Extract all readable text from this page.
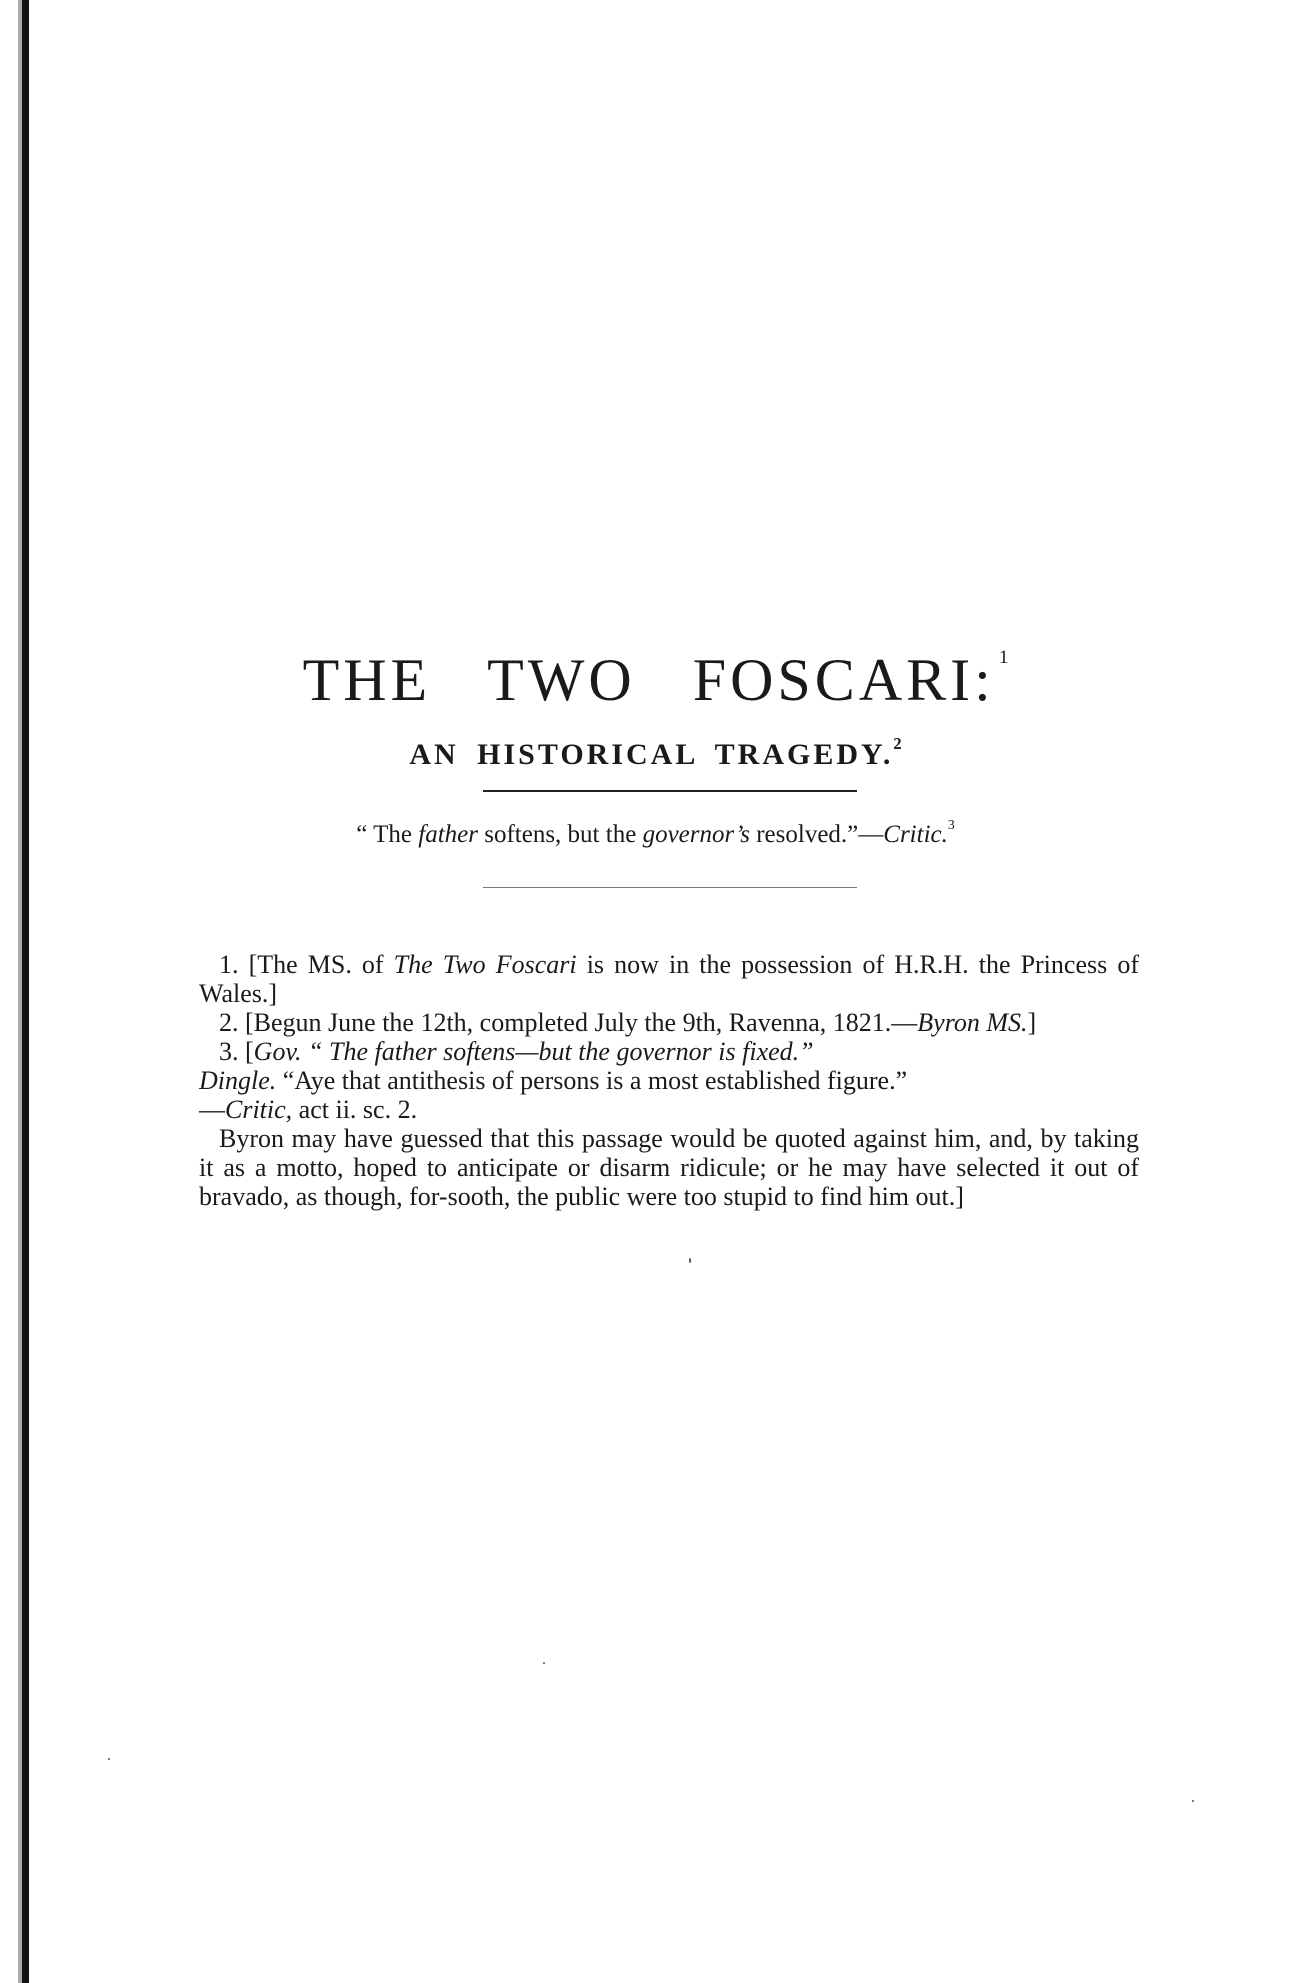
THE TWO FOSCARI: $^1$
AN HISTORICAL TRAGEDY.$^2$
“ The father softens, but the governor’s resolved.”—Critic.$^3$

1. [The MS. of The Two Foscari is now in the possession of H.R.H. the Princess of Wales.]

2. [Begun June the 12th, completed July the 9th, Ravenna, 1821.—Byron MS.]

3. [Gov. “ The father softens—but the governor is fixed.”
Dingle. “Aye that antithesis of persons is a most established figure.”
—Critic, act ii. sc. 2.

Byron may have guessed that this passage would be quoted against him, and, by taking it as a motto, hoped to anticipate or disarm ridicule; or he may have selected it out of bravado, as though, for-sooth, the public were too stupid to find him out.]
